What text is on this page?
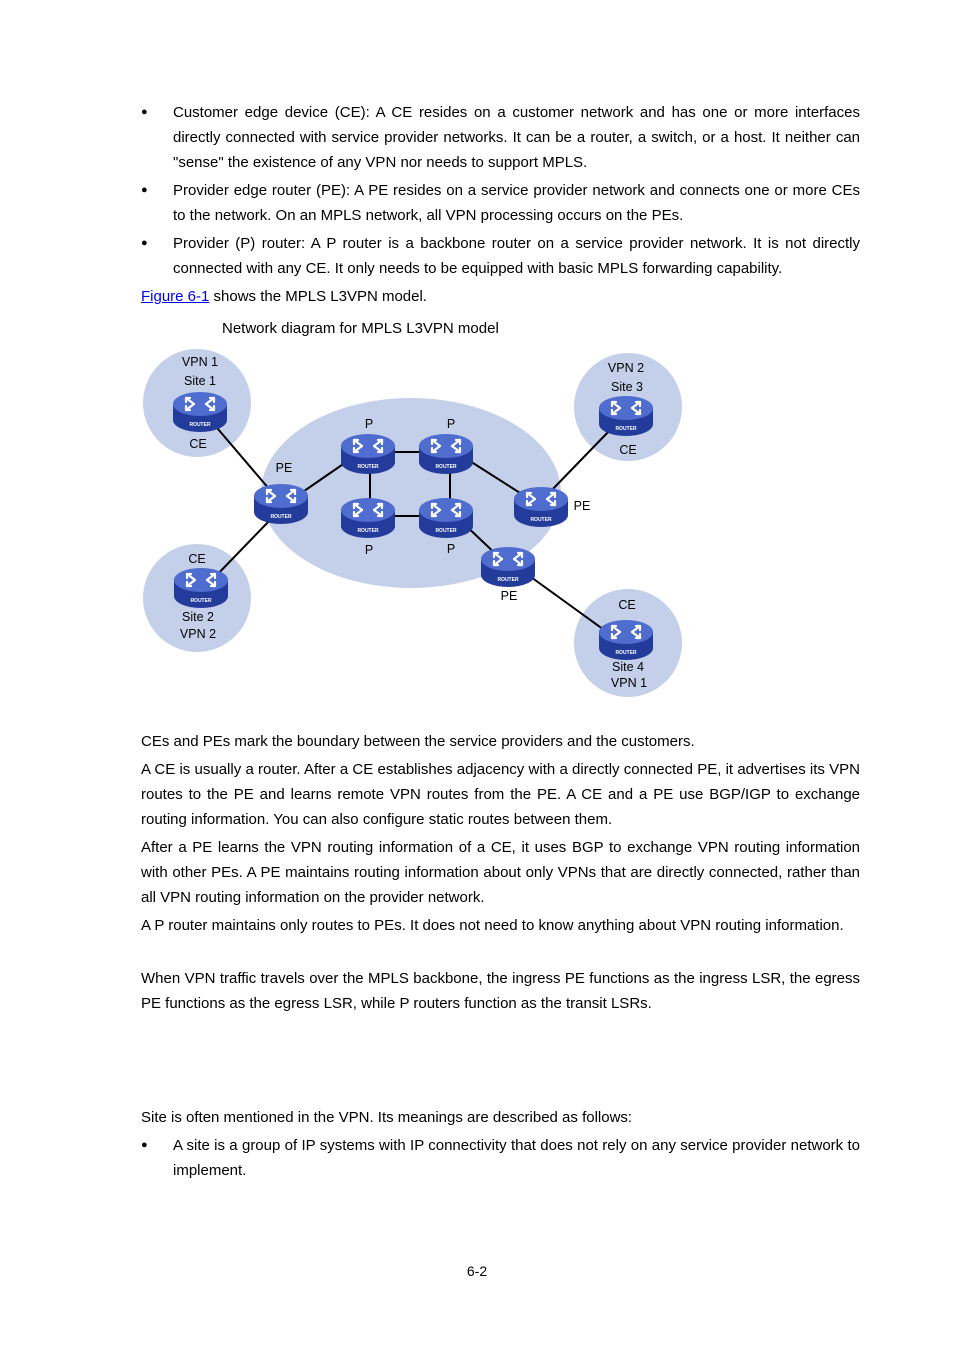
● Customer edge device (CE): A CE resides on a customer network and has one or more interfaces directly connected with service provider networks. It can be a router, a switch, or a host. It neither can "sense" the existence of any VPN nor needs to support MPLS.
● Provider edge router (PE): A PE resides on a service provider network and connects one or more CEs to the network. On an MPLS network, all VPN processing occurs on the PEs.
● Provider (P) router: A P router is a backbone router on a service provider network. It is not directly connected with any CE. It only needs to be equipped with basic MPLS forwarding capability.
Figure 6-1 shows the MPLS L3VPN model.
Network diagram for MPLS L3VPN model
ROUTER
ROUTER
ROUTER
ROUTER
ROUTER
ROUTER	ROUTER
ROUTER	ROUTER
ROUTER
ROUTER
VPN 1
Site 1
CE
VPN 2
Site 3
CE
CE
Site 2
VPN 2
CE
Site 4
VPN 1
PE
PE
PE
P	P
P	P
CEs and PEs mark the boundary between the service providers and the customers.
A CE is usually a router. After a CE establishes adjacency with a directly connected PE, it advertises its VPN routes to the PE and learns remote VPN routes from the PE. A CE and a PE use BGP/IGP to exchange routing information. You can also configure static routes between them.
After a PE learns the VPN routing information of a CE, it uses BGP to exchange VPN routing information with other PEs. A PE maintains routing information about only VPNs that are directly connected, rather than all VPN routing information on the provider network.
A P router maintains only routes to PEs. It does not need to know anything about VPN routing information.
When VPN traffic travels over the MPLS backbone, the ingress PE functions as the ingress LSR, the egress PE functions as the egress LSR, while P routers function as the transit LSRs.
Site is often mentioned in the VPN. Its meanings are described as follows:
● A site is a group of IP systems with IP connectivity that does not rely on any service provider network to implement.
6-2
